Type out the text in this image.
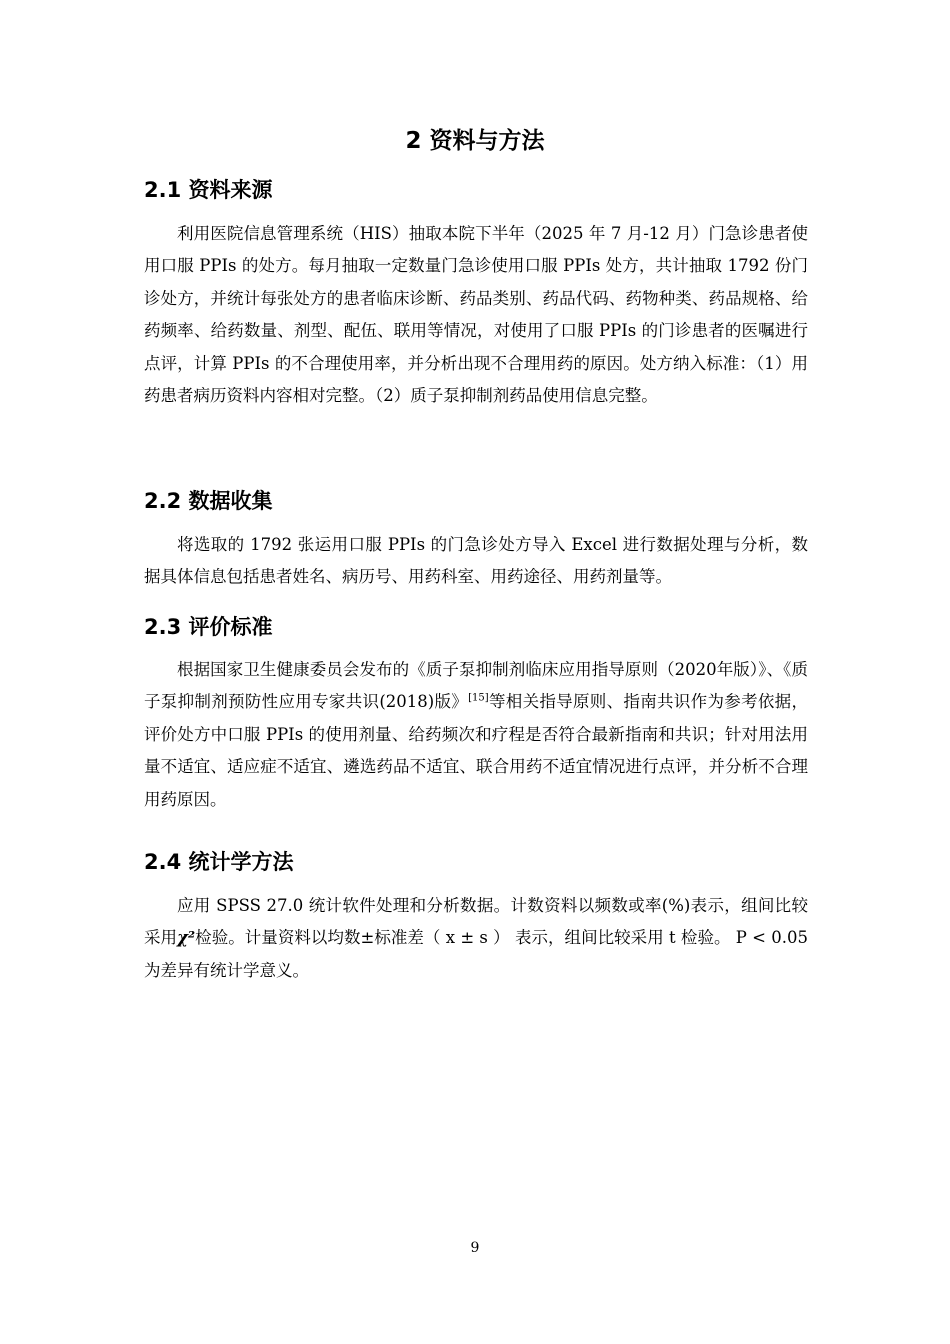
2 资料与方法
2.1 资料来源

利用医院信息管理系统（HIS）抽取本院下半年（2025 年 7 月-12 月）门急诊患者使用口服 PPIs 的处方。每月抽取一定数量门急诊使用口服 PPIs 处方，共计抽取 1792 份门诊处方，并统计每张处方的患者临床诊断、药品类别、药品代码、药物种类、药品规格、给药频率、给药数量、剂型、配伍、联用等情况，对使用了口服 PPIs 的门诊患者的医嘱进行点评，计算 PPIs 的不合理使用率，并分析出现不合理用药的原因。处方纳入标准：（1）用药患者病历资料内容相对完整。（2）质子泵抑制剂药品使用信息完整。

2.2 数据收集

将选取的 1792 张运用口服 PPIs 的门急诊处方导入 Excel 进行数据处理与分析，数据具体信息包括患者姓名、病历号、用药科室、用药途径、用药剂量等。

2.3 评价标准

根据国家卫生健康委员会发布的《质子泵抑制剂临床应用指导原则（2020年版）》、《质子泵抑制剂预防性应用专家共识(2018)版》[15]等相关指导原则、指南共识作为参考依据，评价处方中口服 PPIs 的使用剂量、给药频次和疗程是否符合最新指南和共识；针对用法用量不适宜、适应症不适宜、遴选药品不适宜、联合用药不适宜情况进行点评，并分析不合理用药原因。

2.4 统计学方法

应用 SPSS 27.0 统计软件处理和分析数据。计数资料以频数或率(%)表示，组间比较采用χ²检验。计量资料以均数±标准差（ x ± s ） 表示，组间比较采用 t 检验。 P < 0.05 为差异有统计学意义。

9
